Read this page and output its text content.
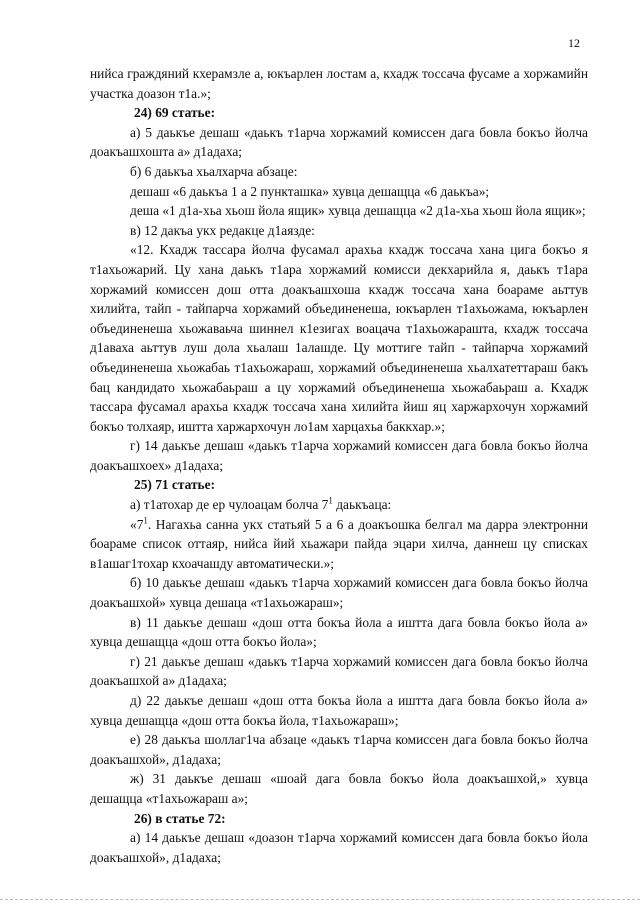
12

нийса граждяний кхерамзле а, юкъарлен лостам а, кхадж тоссача фусаме а хоржамийн участка доазон т1а.»;

24) 69 статье:

а) 5 даькъе дешаш «даькъ т1арча хоржамий комиссен дага бовла бокъо йолча доакъашхошта а» д1адаха;

б) 6 даькъа хьалхарча абзаце:

дешаш «6 даькъа 1 а 2 пункташка» хувца дешащца «6 даькъа»;

деша «1 д1а-хьа хьош йола ящик» хувца дешащца «2 д1а-хьа хьош йола ящик»;

в) 12 дакъа укх редакце д1аязде:

«12. Кхадж тассара йолча фусамал арахьа кхадж тоссача хана цига бокъо я т1ахьожарий. Цу хана даькъ т1ара хоржамий комисси декхарийла я, даькъ т1ара хоржамий комиссен дош отта доакъашхоша кхадж тоссача хана боараме аьттув хилийта, тайп - тайпарча хоржамий объединенеша, юкъарлен т1ахьожама, юкъарлен объединенеша хьожаваьча шиннел к1езигах воацача т1ахьожарашта, кхадж тоссача д1аваха аьттув луш дола хьалаш 1алашде. Цу моттиге тайп - тайпарча хоржамий объединенеша хьожабаь т1ахьожараш, хоржамий объединенеша хьалхатеттараш бакъ бац кандидато хьожабаьраш а цу хоржамий объединенеша хьожабаьраш а. Кхадж тассара фусамал арахьа кхадж тоссача хана хилийта йиш яц харжархочун хоржамий бокъо толхаяр, иштта харжархочун ло1ам харцахьа баккхар.»;

г) 14 даькъе дешаш «даькъ т1арча хоржамий комиссен дага бовла бокъо йолча доакъашхоех» д1адаха;

25) 71 статье:

а) т1атохар де ер чулоацам болча $7^1$ даькъаца:

«$7^1$. Нагахьа санна укх статьяй 5 а 6 а доакъошка белгал ма дарра электронни боараме список оттаяр, нийса йий хьажари пайда эцари хилча, даннеш цу списках в1ашаг1тохар кхоачашду автоматически.»;

б) 10 даькъе дешаш «даькъ т1арча хоржамий комиссен дага бовла бокъо йолча доакъашхой» хувца дешаца «т1ахьожараш»;

в) 11 даькъе дешаш «дош отта бокъа йола а иштта дага бовла бокъо йола а» хувца дешащца «дош отта бокъо йола»;

г) 21 даькъе дешаш «даькъ т1арча хоржамий комиссен дага бовла бокъо йолча доакъашхой а» д1адаха;

д) 22 даькъе дешаш «дош отта бокъа йола а иштта дага бовла бокъо йола а» хувца дешащца «дош отта бокъа йола, т1ахьожараш»;

е) 28 даькъа шоллаг1ча абзаце «даькъ т1арча комиссен дага бовла бокъо йолча доакъашхой», д1адаха;

ж) 31 даькъе дешаш «шоай дага бовла бокъо йола доакъашхой,» хувца дешащца «т1ахьожараш а»;

26) в статье 72:

а) 14 даькъе дешаш «доазон т1арча хоржамий комиссен дага бовла бокъо йола доакъашхой», д1адаха;
